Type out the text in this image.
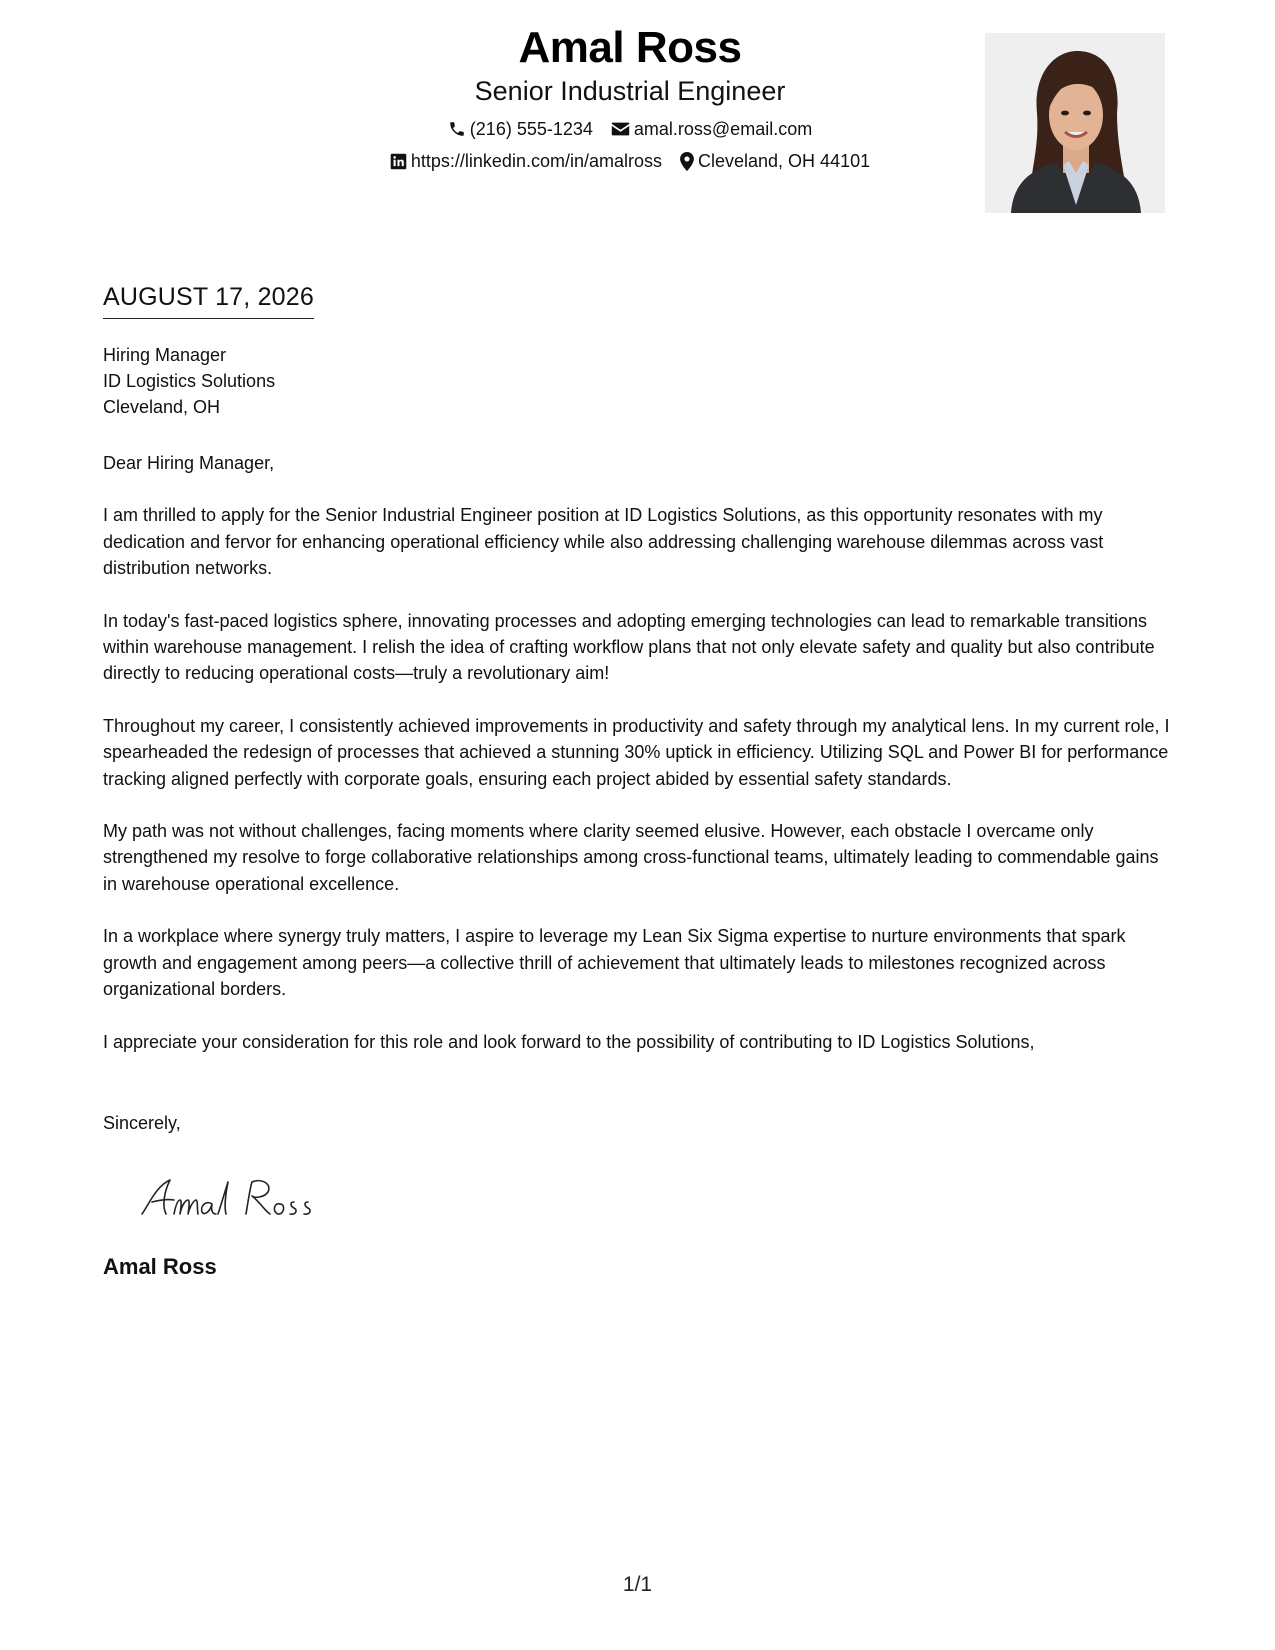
Amal Ross
Senior Industrial Engineer
(216) 555-1234 amal.ross@email.com
https://linkedin.com/in/amalross Cleveland, OH 44101
AUGUST 17, 2026
Hiring Manager
ID Logistics Solutions
Cleveland, OH

Dear Hiring Manager,

I am thrilled to apply for the Senior Industrial Engineer position at ID Logistics Solutions, as this opportunity resonates with my dedication and fervor for enhancing operational efficiency while also addressing challenging warehouse dilemmas across vast distribution networks.

In today's fast-paced logistics sphere, innovating processes and adopting emerging technologies can lead to remarkable transitions within warehouse management. I relish the idea of crafting workflow plans that not only elevate safety and quality but also contribute directly to reducing operational costs—truly a revolutionary aim!

Throughout my career, I consistently achieved improvements in productivity and safety through my analytical lens. In my current role, I spearheaded the redesign of processes that achieved a stunning 30% uptick in efficiency. Utilizing SQL and Power BI for performance tracking aligned perfectly with corporate goals, ensuring each project abided by essential safety standards.

My path was not without challenges, facing moments where clarity seemed elusive. However, each obstacle I overcame only strengthened my resolve to forge collaborative relationships among cross-functional teams, ultimately leading to commendable gains in warehouse operational excellence.

In a workplace where synergy truly matters, I aspire to leverage my Lean Six Sigma expertise to nurture environments that spark growth and engagement among peers—a collective thrill of achievement that ultimately leads to milestones recognized across organizational borders.

I appreciate your consideration for this role and look forward to the possibility of contributing to ID Logistics Solutions,

Sincerely,
Amal Ross
1/1
